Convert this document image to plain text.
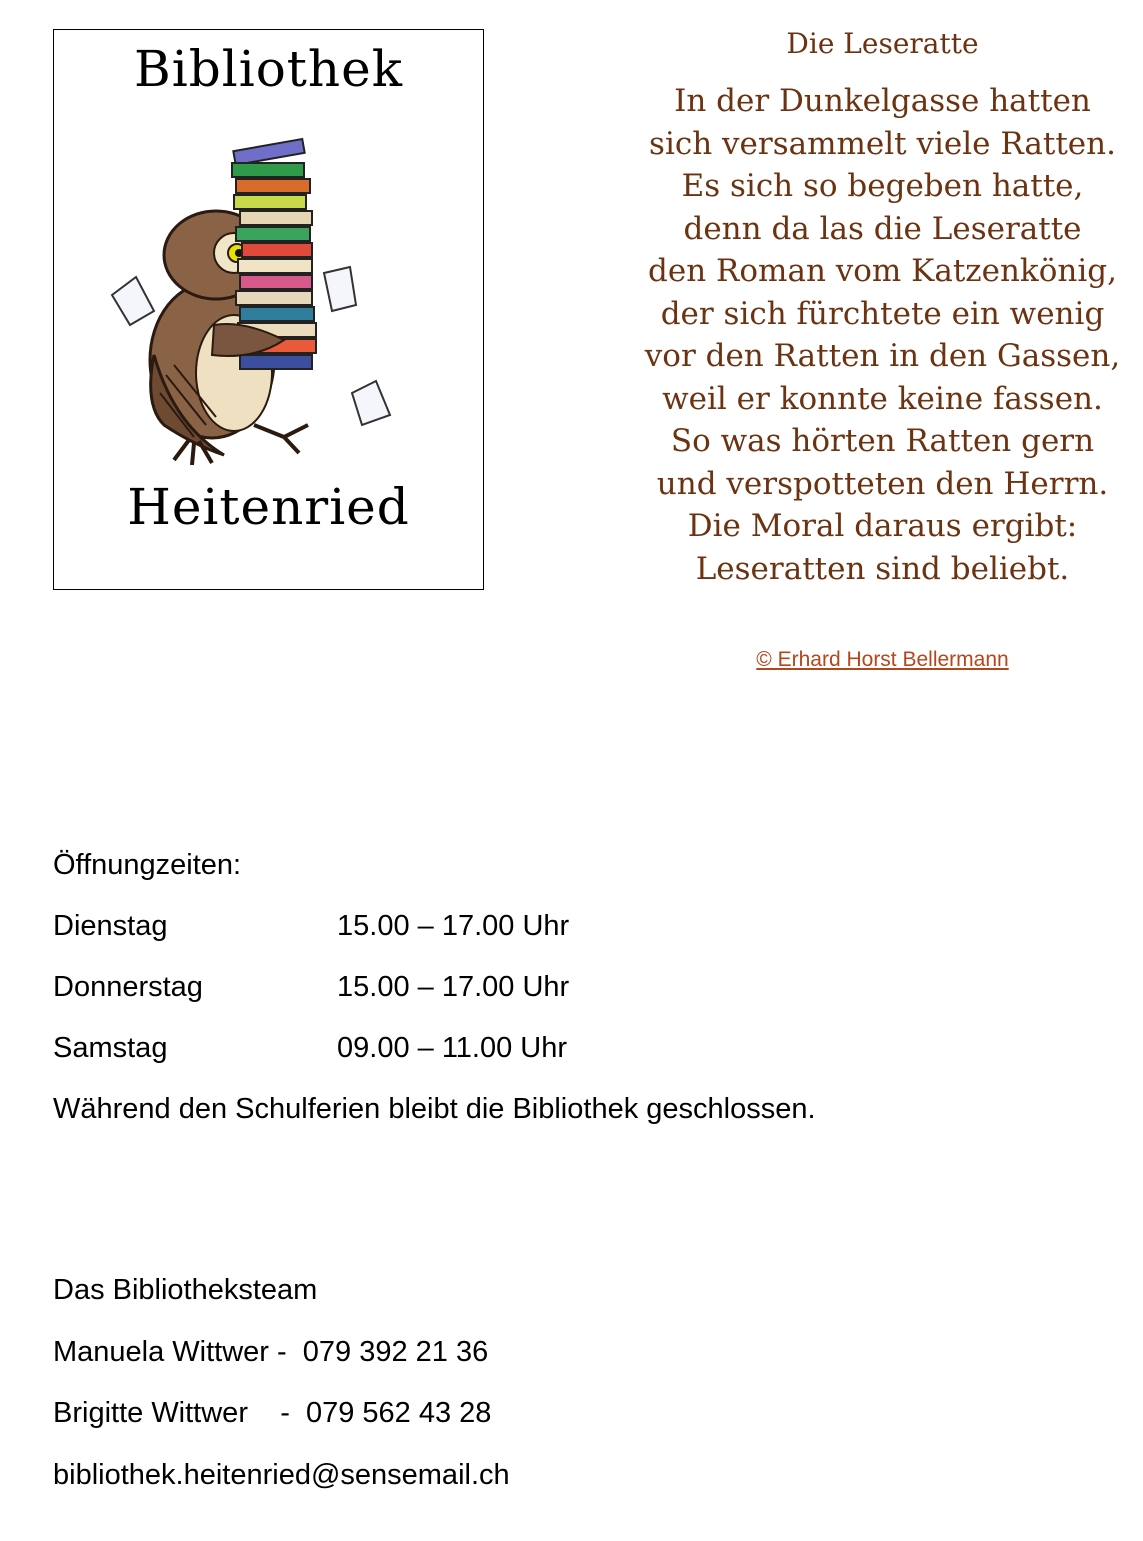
Bibliothek
Heitenried
Die Leseratte
In der Dunkelgasse hatten
sich versammelt viele Ratten.
Es sich so begeben hatte,
denn da las die Leseratte
den Roman vom Katzenkönig,
der sich fürchtete ein wenig
vor den Ratten in den Gassen,
weil er konnte keine fassen.
So was hörten Ratten gern
und verspotteten den Herrn.
Die Moral daraus ergibt:
Leseratten sind beliebt.
© Erhard Horst Bellermann
Öffnungzeiten:
Dienstag	15.00 – 17.00 Uhr
Donnerstag	15.00 – 17.00 Uhr
Samstag	09.00 – 11.00 Uhr
Während den Schulferien bleibt die Bibliothek geschlossen.
Das Bibliotheksteam
Manuela Wittwer -  079 392 21 36
Brigitte Wittwer    -  079 562 43 28
bibliothek.heitenried@sensemail.ch
